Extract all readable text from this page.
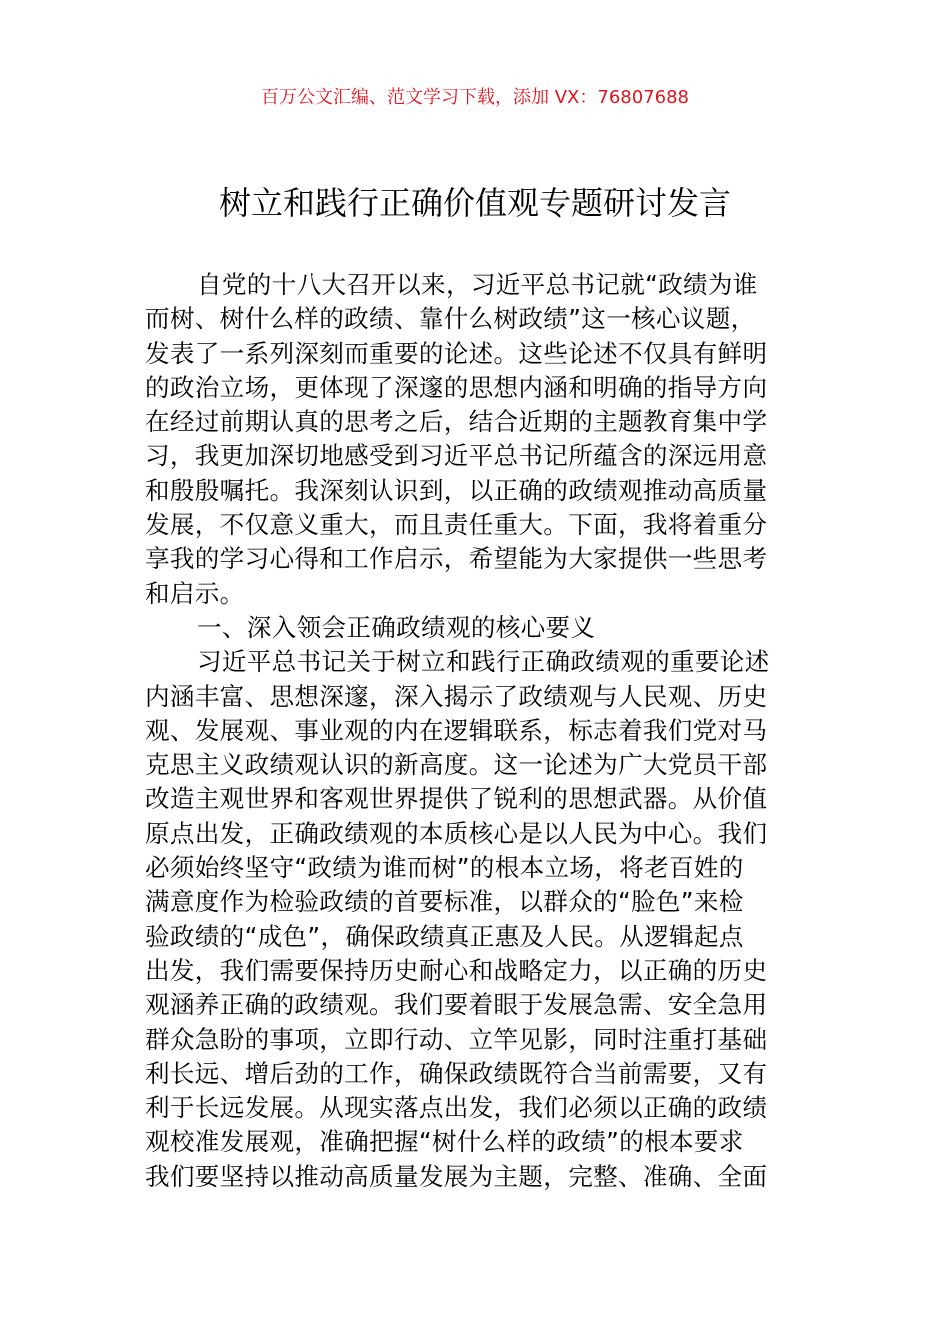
百万公文汇编、范文学习下载，添加 VX：76807688
树立和践行正确价值观专题研讨发言
自党的十八大召开以来，习近平总书记就“政绩为谁
而树、树什么样的政绩、靠什么树政绩”这一核心议题，
发表了一系列深刻而重要的论述。这些论述不仅具有鲜明
的政治立场，更体现了深邃的思想内涵和明确的指导方向
在经过前期认真的思考之后，结合近期的主题教育集中学
习，我更加深切地感受到习近平总书记所蕴含的深远用意
和殷殷嘱托。我深刻认识到，以正确的政绩观推动高质量
发展，不仅意义重大，而且责任重大。下面，我将着重分
享我的学习心得和工作启示，希望能为大家提供一些思考
和启示。
一、深入领会正确政绩观的核心要义
习近平总书记关于树立和践行正确政绩观的重要论述
内涵丰富、思想深邃，深入揭示了政绩观与人民观、历史
观、发展观、事业观的内在逻辑联系，标志着我们党对马
克思主义政绩观认识的新高度。这一论述为广大党员干部
改造主观世界和客观世界提供了锐利的思想武器。从价值
原点出发，正确政绩观的本质核心是以人民为中心。我们
必须始终坚守“政绩为谁而树”的根本立场，将老百姓的
满意度作为检验政绩的首要标准，以群众的“脸色”来检
验政绩的“成色”，确保政绩真正惠及人民。从逻辑起点
出发，我们需要保持历史耐心和战略定力，以正确的历史
观涵养正确的政绩观。我们要着眼于发展急需、安全急用
群众急盼的事项，立即行动、立竿见影，同时注重打基础
利长远、增后劲的工作，确保政绩既符合当前需要，又有
利于长远发展。从现实落点出发，我们必须以正确的政绩
观校准发展观，准确把握“树什么样的政绩”的根本要求
我们要坚持以推动高质量发展为主题，完整、准确、全面
